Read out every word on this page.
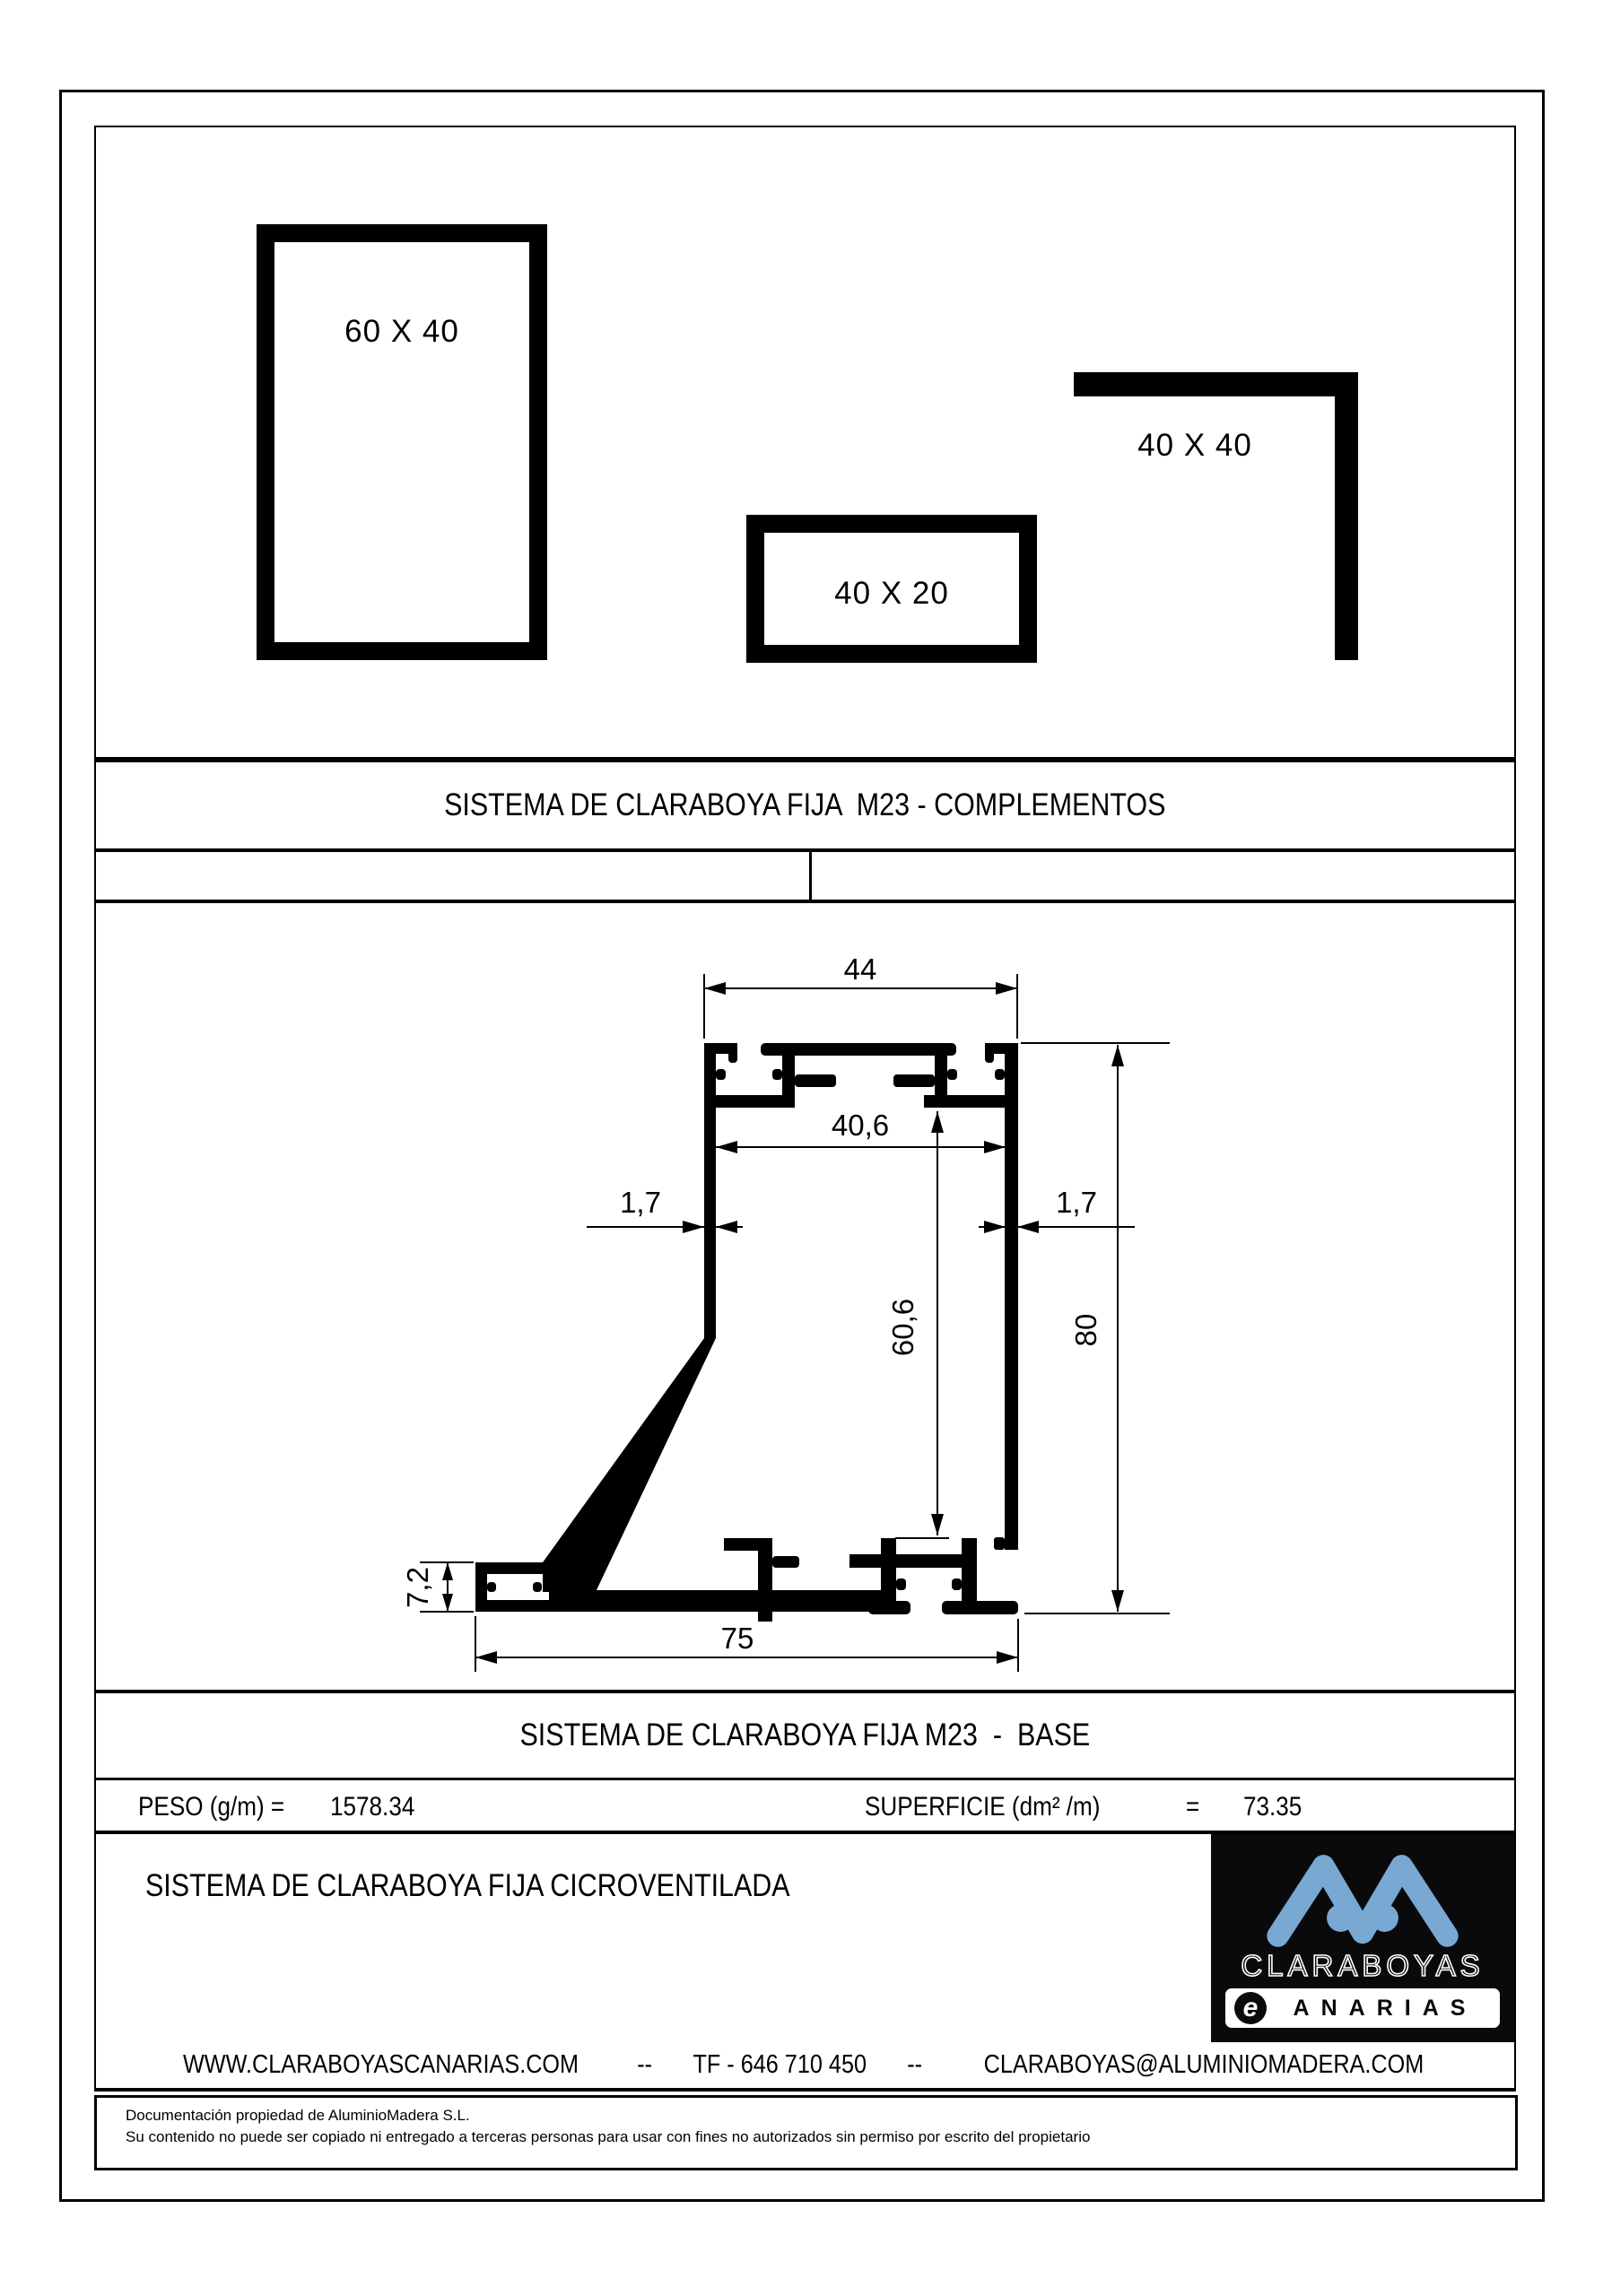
60 X 40
40 X 20
40 X 40
SISTEMA DE CLARABOYA FIJA  M23 - COMPLEMENTOS
44
40,6
1,7	1,7
60,6	80
7,2
75
SISTEMA DE CLARABOYA FIJA M23  -  BASE
PESO (g/m) = 1578.34	SUPERFICIE (dm² /m)	= 73.35
SISTEMA DE CLARABOYA FIJA CICROVENTILADA
CLARABOYAS
e	ANARIAS
WWW.CLARABOYASCANARIAS.COM -- TF - 646 710 450 -- CLARABOYAS@ALUMINIOMADERA.COM
Documentación propiedad de AluminioMadera S.L.
Su contenido no puede ser copiado ni entregado a terceras personas para usar con fines no autorizados sin permiso por escrito del propietario
